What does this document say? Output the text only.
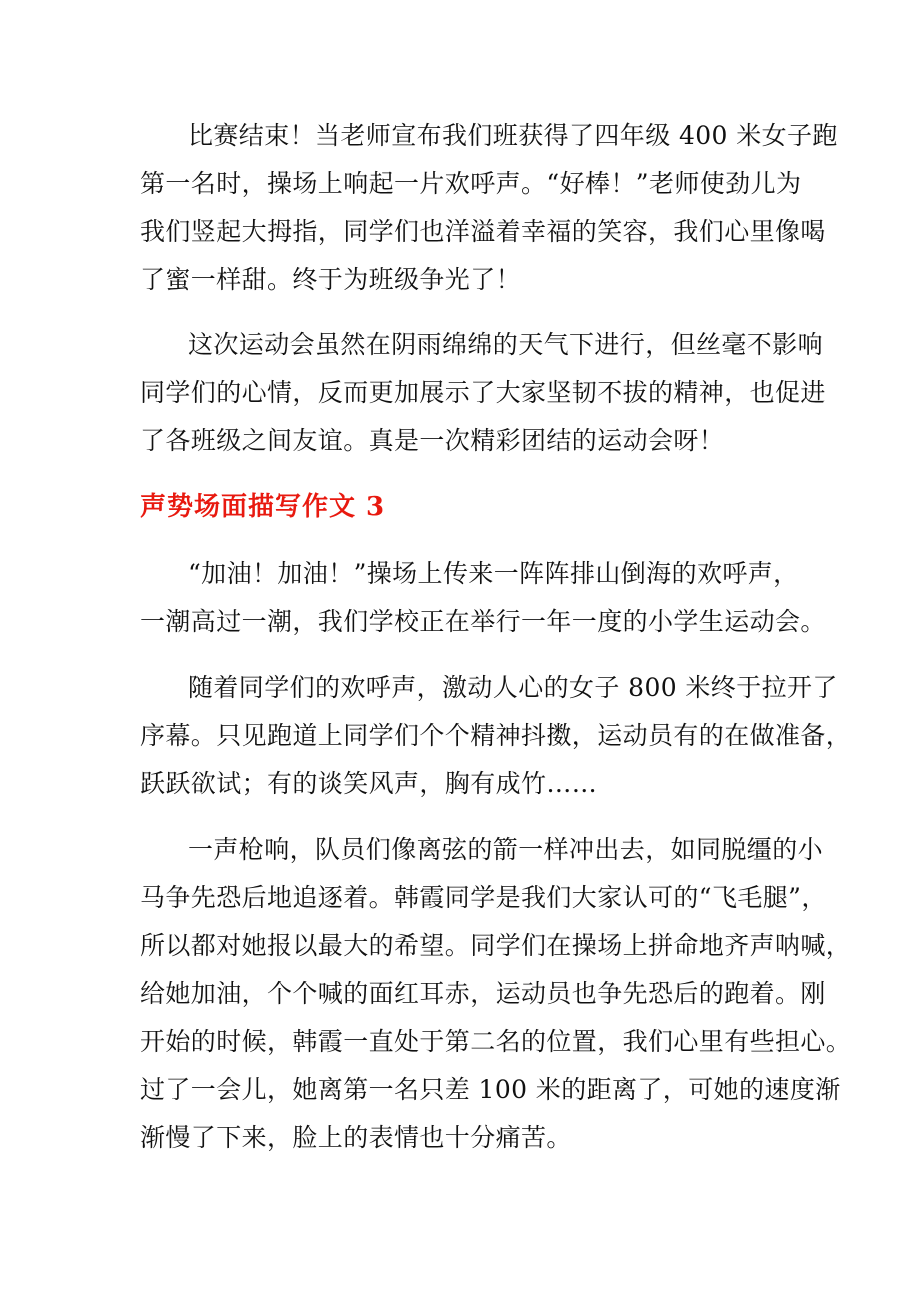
比赛结束！当老师宣布我们班获得了四年级 400 米女子跑
第一名时，操场上响起一片欢呼声。“好棒！”老师使劲儿为
我们竖起大拇指，同学们也洋溢着幸福的笑容，我们心里像喝
了蜜一样甜。终于为班级争光了！
这次运动会虽然在阴雨绵绵的天气下进行，但丝毫不影响
同学们的心情，反而更加展示了大家坚韧不拔的精神，也促进
了各班级之间友谊。真是一次精彩团结的运动会呀！
声势场面描写作文 3
“加油！加油！”操场上传来一阵阵排山倒海的欢呼声，
一潮高过一潮，我们学校正在举行一年一度的小学生运动会。
随着同学们的欢呼声，激动人心的女子 800 米终于拉开了
序幕。只见跑道上同学们个个精神抖擞，运动员有的在做准备，
跃跃欲试；有的谈笑风声，胸有成竹……
一声枪响，队员们像离弦的箭一样冲出去，如同脱缰的小
马争先恐后地追逐着。韩霞同学是我们大家认可的“飞毛腿”，
所以都对她报以最大的希望。同学们在操场上拼命地齐声呐喊，
给她加油，个个喊的面红耳赤，运动员也争先恐后的跑着。刚
开始的时候，韩霞一直处于第二名的位置，我们心里有些担心。
过了一会儿，她离第一名只差 100 米的距离了，可她的速度渐
渐慢了下来，脸上的表情也十分痛苦。
